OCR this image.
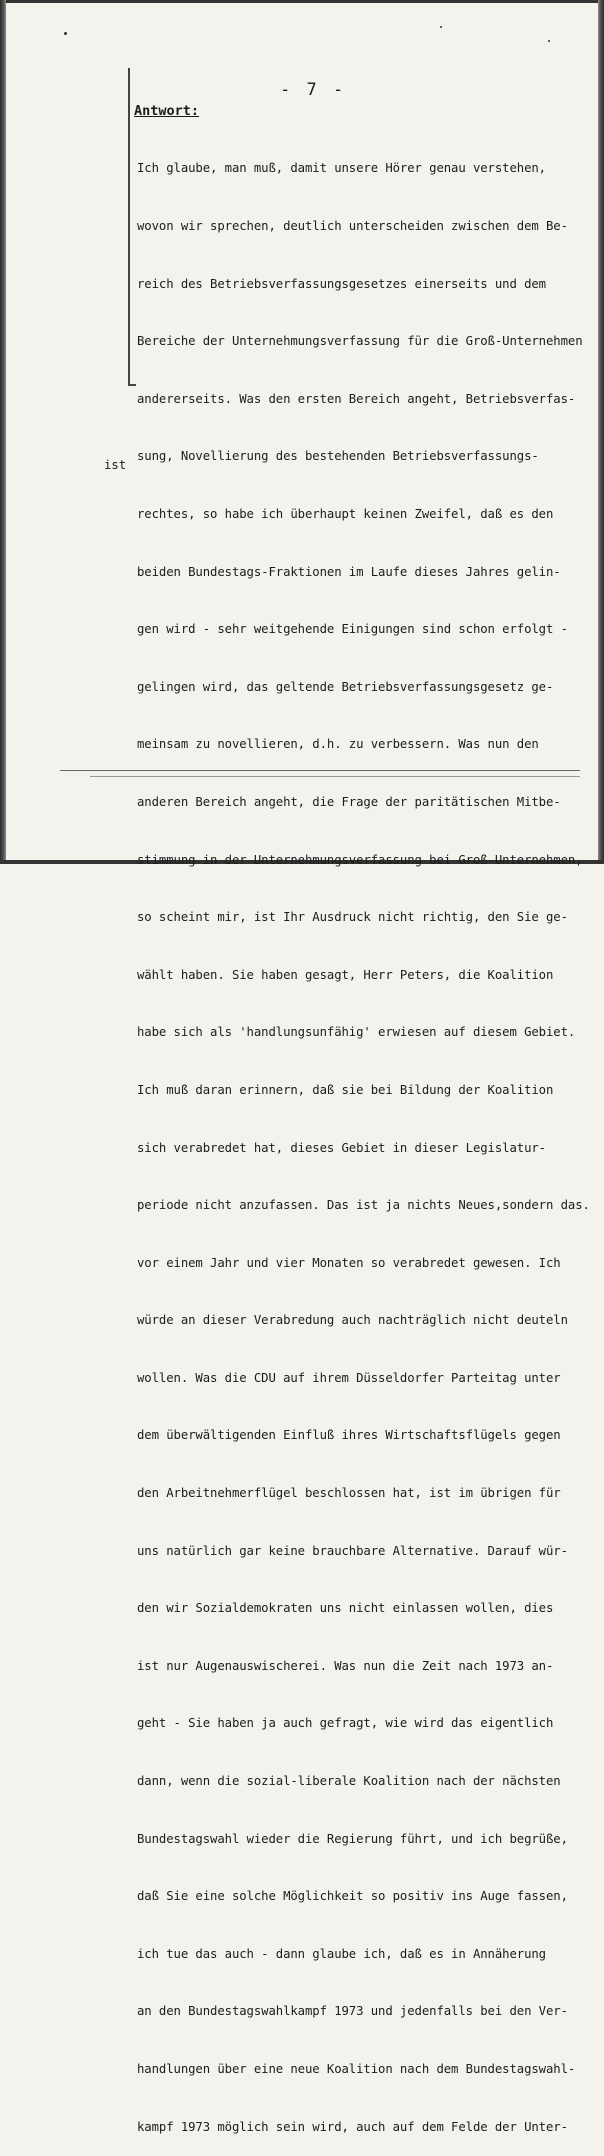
- 7 -
Antwort:

Ich glaube, man muß, damit unsere Hörer genau verstehen,

wovon wir sprechen, deutlich unterscheiden zwischen dem Be-

reich des Betriebsverfassungsgesetzes einerseits und dem

Bereiche der Unternehmungsverfassung für die Groß-Unternehmen

andererseits. Was den ersten Bereich angeht, Betriebsverfas-

sung, Novellierung des bestehenden Betriebsverfassungs-

rechtes, so habe ich überhaupt keinen Zweifel, daß es den

beiden Bundestags-Fraktionen im Laufe dieses Jahres gelin-

gen wird - sehr weitgehende Einigungen sind schon erfolgt -

gelingen wird, das geltende Betriebsverfassungsgesetz ge-

meinsam zu novellieren, d.h. zu verbessern. Was nun den

anderen Bereich angeht, die Frage der paritätischen Mitbe-

stimmung in der Unternehmungsverfassung bei Groß-Unternehmen,

so scheint mir, ist Ihr Ausdruck nicht richtig, den Sie ge-

wählt haben. Sie haben gesagt, Herr Peters, die Koalition

habe sich als 'handlungsunfähig' erwiesen auf diesem Gebiet.

Ich muß daran erinnern, daß sie bei Bildung der Koalition

sich verabredet hat, dieses Gebiet in dieser Legislatur-

periode nicht anzufassen. Das ist ja nichts Neues,sondern das.

vor einem Jahr und vier Monaten so verabredet gewesen. Ich

würde an dieser Verabredung auch nachträglich nicht deuteln

wollen. Was die CDU auf ihrem Düsseldorfer Parteitag unter

dem überwältigenden Einfluß ihres Wirtschaftsflügels gegen

den Arbeitnehmerflügel beschlossen hat, ist im übrigen für

uns natürlich gar keine brauchbare Alternative. Darauf wür-

den wir Sozialdemokraten uns nicht einlassen wollen, dies

ist nur Augenauswischerei. Was nun die Zeit nach 1973 an-

geht - Sie haben ja auch gefragt, wie wird das eigentlich

dann, wenn die sozial-liberale Koalition nach der nächsten

Bundestagswahl wieder die Regierung führt, und ich begrüße,

daß Sie eine solche Möglichkeit so positiv ins Auge fassen,

ich tue das auch - dann glaube ich, daß es in Annäherung

an den Bundestagswahlkampf 1973 und jedenfalls bei den Ver-

handlungen über eine neue Koalition nach dem Bundestagswahl-

kampf 1973 möglich sein wird, auch auf dem Felde der Unter-

ist
